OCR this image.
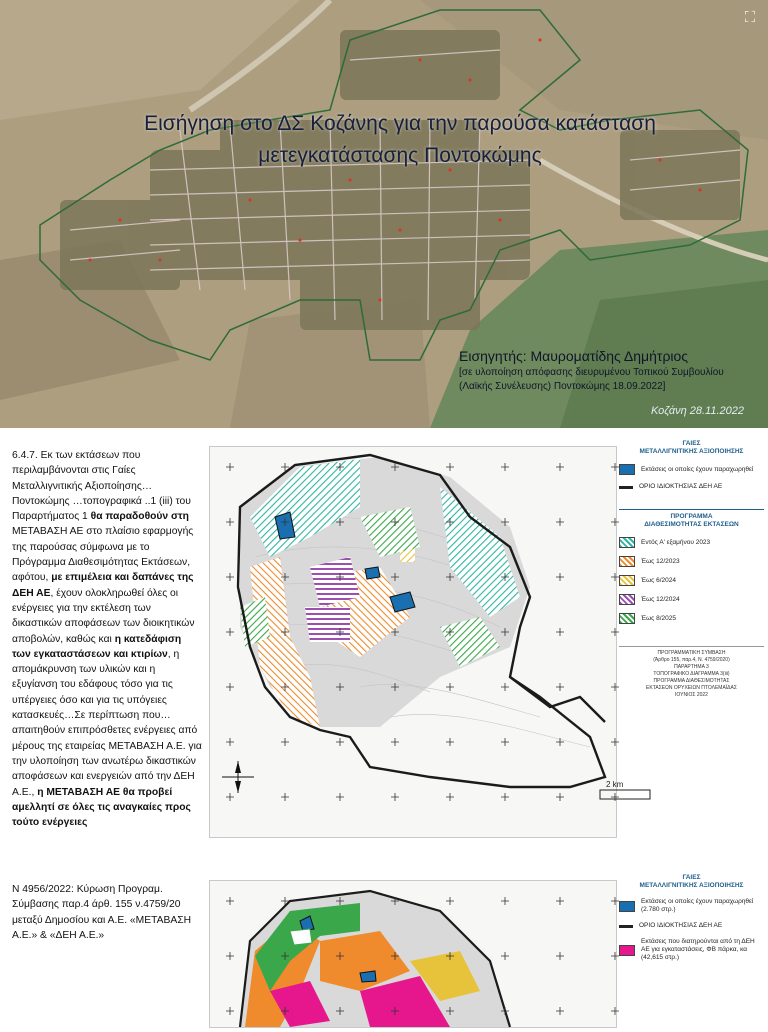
⛶
Εισήγηση στο ΔΣ Κοζάνης για την παρούσα κατάσταση
μετεγκατάστασης Ποντοκώμης
Εισηγητής: Μαυροματίδης Δημήτριος
[σε υλοποίηση απόφασης διευρυμένου Τοπικού Συμβουλίου
(Λαϊκής Συνέλευσης) Ποντοκώμης 18.09.2022]
Κοζάνη 28.11.2022
6.4.7. Εκ των εκτάσεων που περιλαμβάνονται στις Γαίες Μεταλλιγνιτικής Αξιοποίησης… Ποντοκώμης …τοπογραφικά ..1 (iii) του Παραρτήματος 1 θα παραδοθούν στη ΜΕΤΑΒΑΣΗ ΑΕ στο πλαίσιο εφαρμογής της παρούσας σύμφωνα με το Πρόγραμμα Διαθεσιμότητας Εκτάσεων, αφότου, με επιμέλεια και δαπάνες της ΔΕΗ ΑΕ, έχουν ολοκληρωθεί όλες οι ενέργειες για την εκτέλεση των δικαστικών αποφάσεων των διοικητικών αποβολών, καθώς και η κατεδάφιση των εγκαταστάσεων και κτιρίων, η απομάκρυνση των υλικών και η εξυγίανση του εδάφους τόσο για τις υπέργειες όσο και για τις υπόγειες κατασκευές…Σε περίπτωση που…απαιτηθούν επιπρόσθετες ενέργειες από μέρους της εταιρείας ΜΕΤΑΒΑΣΗ Α.Ε. για την υλοποίηση των ανωτέρω δικαστικών αποφάσεων και ενεργειών από την ΔΕΗ Α.Ε., η ΜΕΤΑΒΑΣΗ ΑΕ θα προβεί αμελλητί σε όλες τις αναγκαίες προς τούτο ενέργειες
2 km
ΓΑΙΕΣ
ΜΕΤΑΛΛΙΓΝΙΤΙΚΗΣ ΑΞΙΟΠΟΙΗΣΗΣ
Εκτάσεις οι οποίες έχουν παραχωρηθεί
ΟΡΙΟ ΙΔΙΟΚΤΗΣΙΑΣ ΔΕΗ ΑΕ
ΠΡΟΓΡΑΜΜΑ
ΔΙΑΘΕΣΙΜΟΤΗΤΑΣ ΕΚΤΑΣΕΩΝ
Εντός Α' εξαμήνου 2023
Έως 12/2023
Έως 6/2024
Έως 12/2024
Έως 8/2025
ΠΡΟΓΡΑΜΜΑΤΙΚΗ ΣΥΜΒΑΣΗ
(Άρθρο 155, παρ.4, Ν. 4759/2020)
ΠΑΡΑΡΤΗΜΑ 3
ΤΟΠΟΓΡΑΦΙΚΟ ΔΙΑΓΡΑΜΜΑ 3(iii)
ΠΡΟΓΡΑΜΜΑ ΔΙΑΘΕΣΙΜΟΤΗΤΑΣ
ΕΚΤΑΣΕΩΝ ΟΡΥΧΕΙΩΝ ΠΤΟΛΕΜΑΪΔΑΣ
ΙΟΥΝΙΟΣ 2022
Ν 4956/2022: Κύρωση Προγραμ. Σύμβασης παρ.4 άρθ. 155 ν.4759/20 μεταξύ Δημοσίου και Α.Ε. «ΜΕΤΑΒΑΣΗ Α.Ε.» & «ΔΕΗ Α.Ε.»
ΓΑΙΕΣ
ΜΕΤΑΛΛΙΓΝΙΤΙΚΗΣ ΑΞΙΟΠΟΙΗΣΗΣ
Εκτάσεις οι οποίες έχουν παραχωρηθεί (2.780 στρ.)
ΟΡΙΟ ΙΔΙΟΚΤΗΣΙΑΣ ΔΕΗ ΑΕ
Εκτάσεις που διατηρούνται από τη ΔΕΗ ΑΕ για εγκαταστάσεις, ΦΒ πάρκα, κα (42,615 στρ.)
